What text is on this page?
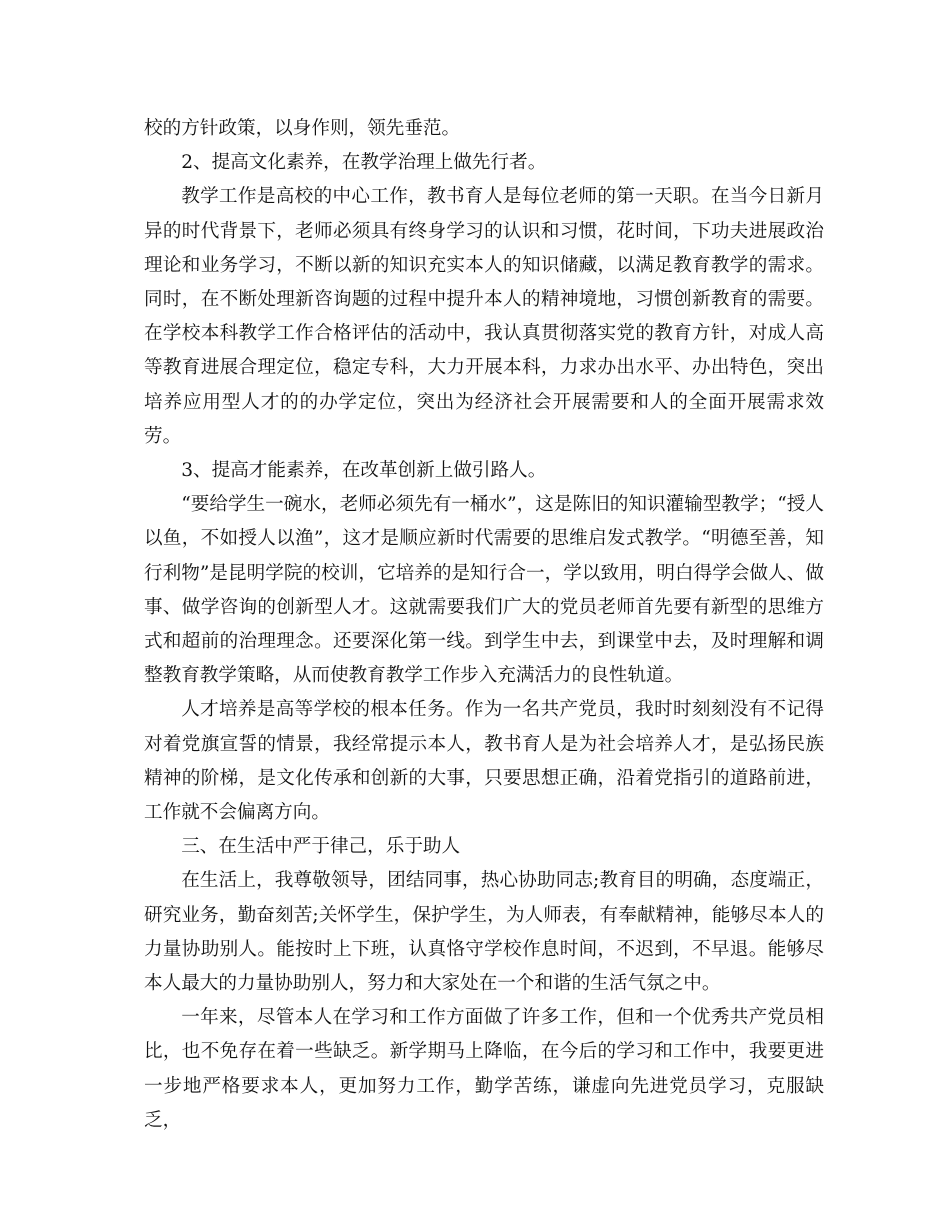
校的方针政策，以身作则，领先垂范。

2、提高文化素养，在教学治理上做先行者。

教学工作是高校的中心工作，教书育人是每位老师的第一天职。在当今日新月异的时代背景下，老师必须具有终身学习的认识和习惯，花时间，下功夫进展政治理论和业务学习，不断以新的知识充实本人的知识储藏，以满足教育教学的需求。同时，在不断处理新咨询题的过程中提升本人的精神境地，习惯创新教育的需要。在学校本科教学工作合格评估的活动中，我认真贯彻落实党的教育方针，对成人高等教育进展合理定位，稳定专科，大力开展本科，力求办出水平、办出特色，突出培养应用型人才的的办学定位，突出为经济社会开展需要和人的全面开展需求效劳。

3、提高才能素养，在改革创新上做引路人。

“要给学生一碗水，老师必须先有一桶水”，这是陈旧的知识灌输型教学；“授人以鱼，不如授人以渔”，这才是顺应新时代需要的思维启发式教学。“明德至善，知行利物”是昆明学院的校训，它培养的是知行合一，学以致用，明白得学会做人、做事、做学咨询的创新型人才。这就需要我们广大的党员老师首先要有新型的思维方式和超前的治理理念。还要深化第一线。到学生中去，到课堂中去，及时理解和调整教育教学策略，从而使教育教学工作步入充满活力的良性轨道。

人才培养是高等学校的根本任务。作为一名共产党员，我时时刻刻没有不记得对着党旗宣誓的情景，我经常提示本人，教书育人是为社会培养人才，是弘扬民族精神的阶梯，是文化传承和创新的大事，只要思想正确，沿着党指引的道路前进，工作就不会偏离方向。

三、在生活中严于律己，乐于助人

在生活上，我尊敬领导，团结同事，热心协助同志;教育目的明确，态度端正，研究业务，勤奋刻苦;关怀学生，保护学生，为人师表，有奉献精神，能够尽本人的力量协助别人。能按时上下班，认真恪守学校作息时间，不迟到，不早退。能够尽本人最大的力量协助别人，努力和大家处在一个和谐的生活气氛之中。

一年来，尽管本人在学习和工作方面做了许多工作，但和一个优秀共产党员相比，也不免存在着一些缺乏。新学期马上降临，在今后的学习和工作中，我要更进一步地严格要求本人，更加努力工作，勤学苦练，谦虚向先进党员学习，克服缺乏，
